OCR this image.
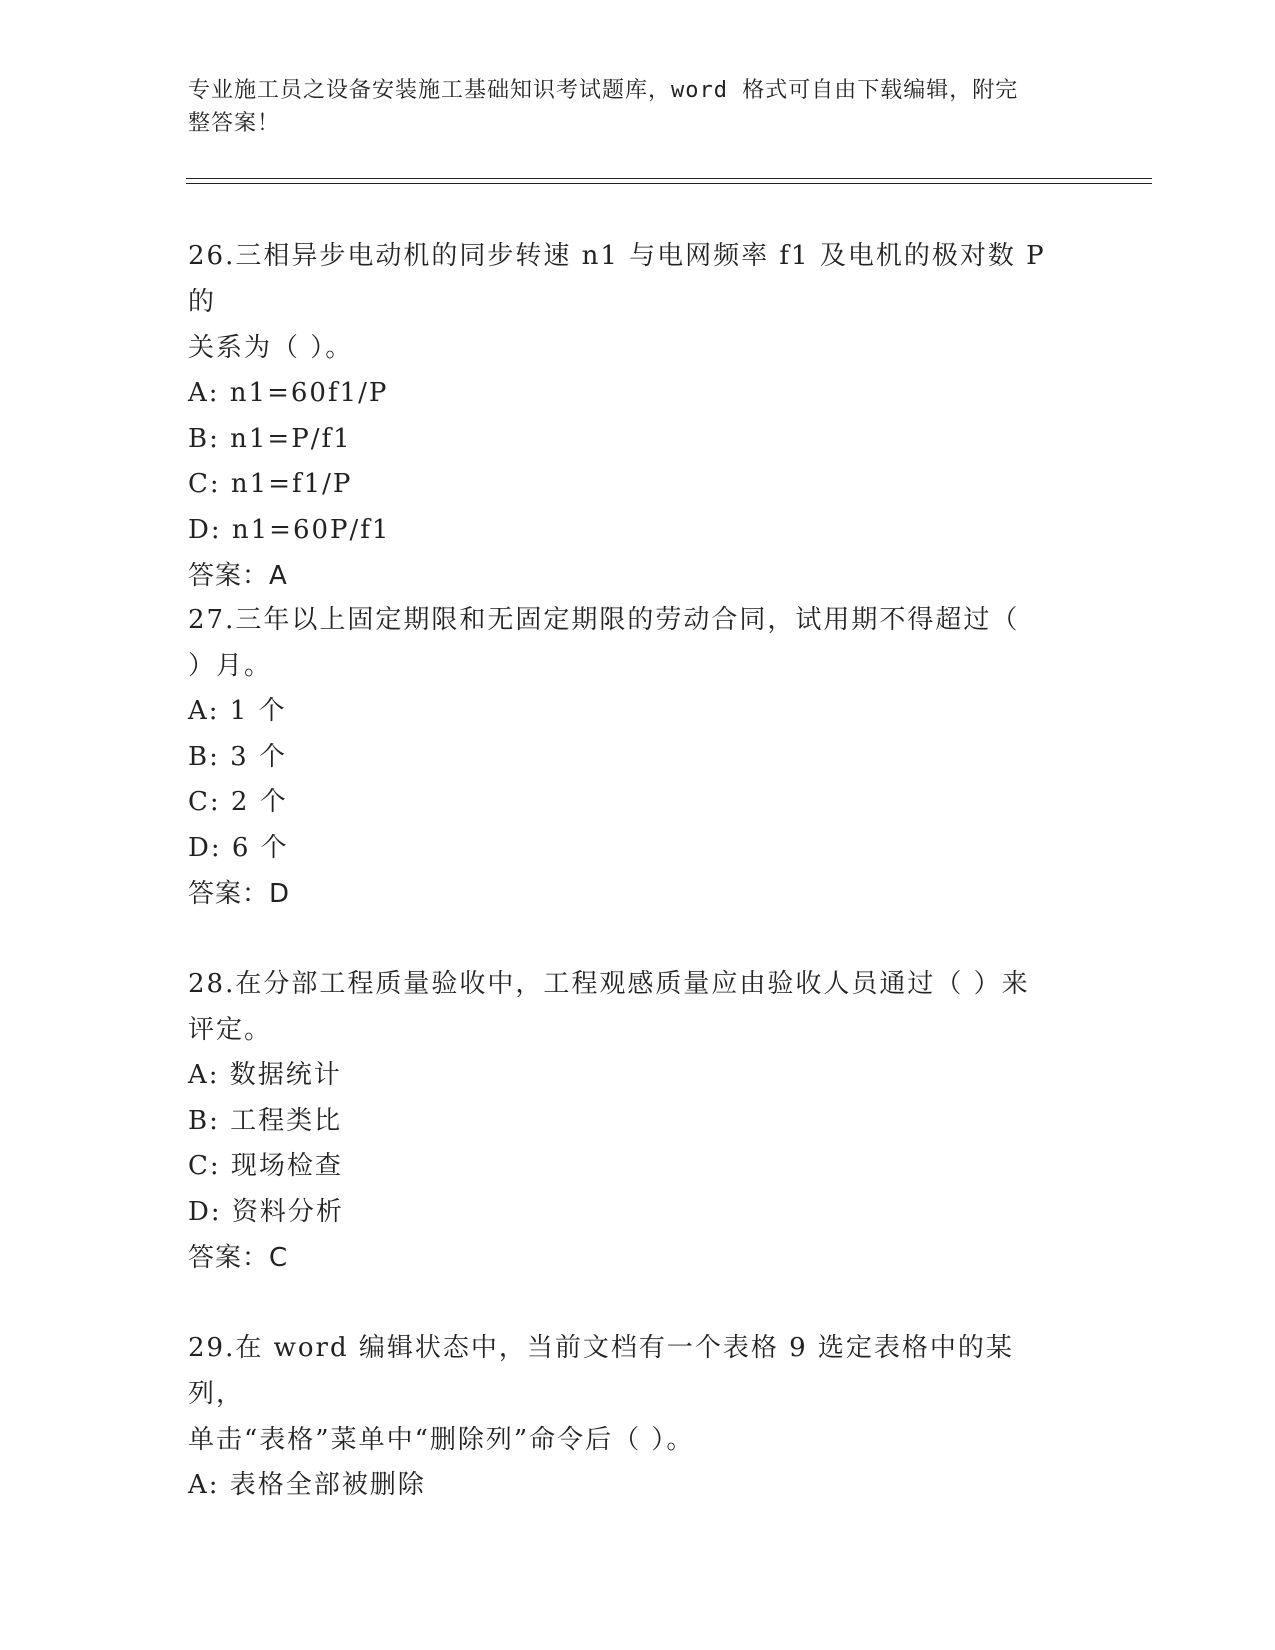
专业施工员之设备安装施工基础知识考试题库，word 格式可自由下载编辑，附完
整答案！

26.三相异步电动机的同步转速 n1 与电网频率 f1 及电机的极对数 P 的

关系为（ ）。

A: n1=60f1/P

B: n1=P/f1

C: n1=f1/P

D: n1=60P/f1

答案：A

27.三年以上固定期限和无固定期限的劳动合同，试用期不得超过（

）月。

A: 1 个

B: 3 个

C: 2 个

D: 6 个

答案：D

28.在分部工程质量验收中，工程观感质量应由验收人员通过（ ）来

评定。

A: 数据统计

B: 工程类比

C: 现场检查

D: 资料分析

答案：C

29.在 word 编辑状态中，当前文档有一个表格 9 选定表格中的某列，

单击“表格”菜单中“删除列”命令后（ ）。

A: 表格全部被删除
